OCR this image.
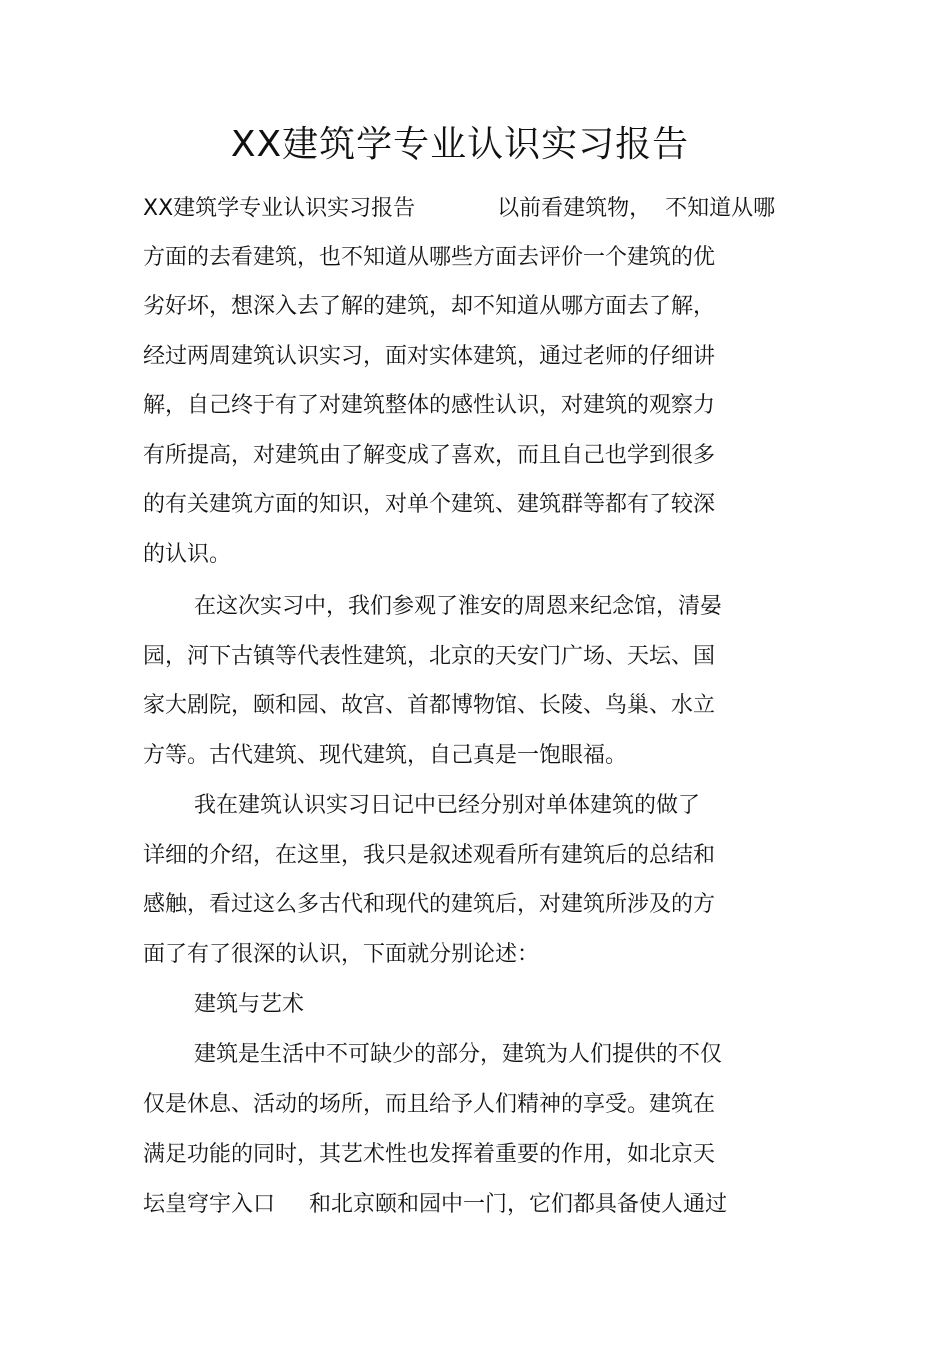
XX建筑学专业认识实习报告
XX建筑学专业认识实习报告	以前看建筑物， 不知道从哪
方面的去看建筑，也不知道从哪些方面去评价一个建筑的优
劣好坏，想深入去了解的建筑，却不知道从哪方面去了解，
经过两周建筑认识实习，面对实体建筑，通过老师的仔细讲
解，自己终于有了对建筑整体的感性认识，对建筑的观察力
有所提高，对建筑由了解变成了喜欢，而且自己也学到很多
的有关建筑方面的知识，对单个建筑、建筑群等都有了较深
的认识。
在这次实习中，我们参观了淮安的周恩来纪念馆，清晏
园，河下古镇等代表性建筑，北京的天安门广场、天坛、国
家大剧院，颐和园、故宫、首都博物馆、长陵、鸟巢、水立
方等。古代建筑、现代建筑，自己真是一饱眼福。
我在建筑认识实习日记中已经分别对单体建筑的做了
详细的介绍，在这里，我只是叙述观看所有建筑后的总结和
感触，看过这么多古代和现代的建筑后，对建筑所涉及的方
面了有了很深的认识，下面就分别论述：
建筑与艺术
建筑是生活中不可缺少的部分，建筑为人们提供的不仅
仅是休息、活动的场所，而且给予人们精神的享受。建筑在
满足功能的同时，其艺术性也发挥着重要的作用，如北京天
坛皇穹宇入口 和北京颐和园中一门，它们都具备使人通过
